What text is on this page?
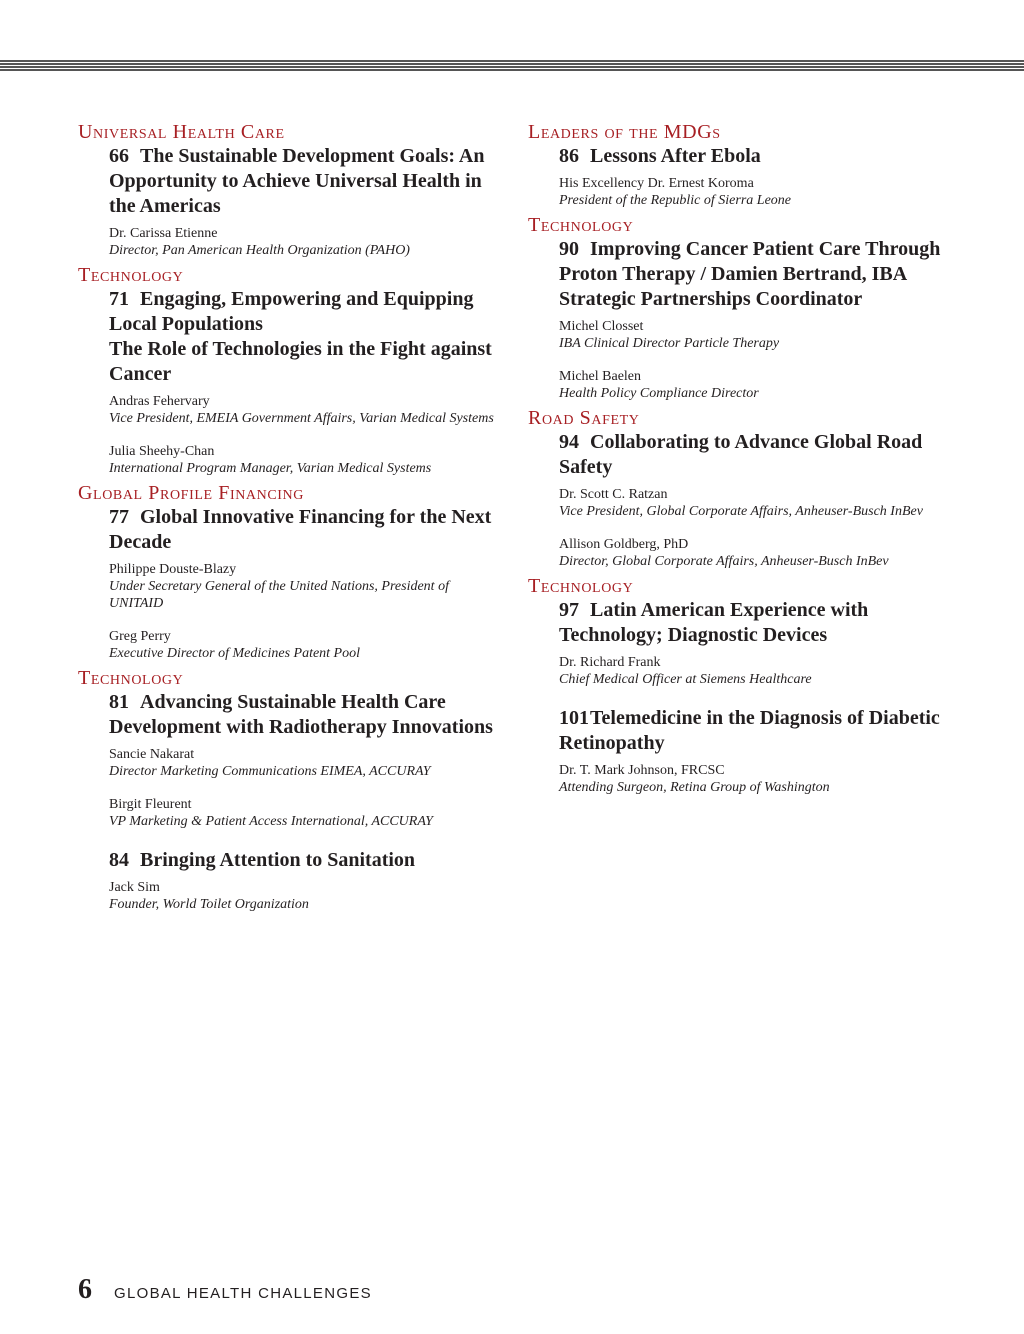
Universal Health Care
66 The Sustainable Development Goals: An Opportunity to Achieve Universal Health in the Americas
Dr. Carissa Etienne
Director, Pan American Health Organization (PAHO)
Technology
71 Engaging, Empowering and Equipping Local Populations
The Role of Technologies in the Fight against Cancer
Andras Fehervary
Vice President, EMEIA Government Affairs, Varian Medical Systems
Julia Sheehy-Chan
International Program Manager, Varian Medical Systems
Global Profile Financing
77 Global Innovative Financing for the Next Decade
Philippe Douste-Blazy
Under Secretary General of the United Nations, President of UNITAID
Greg Perry
Executive Director of Medicines Patent Pool
Technology
81 Advancing Sustainable Health Care Development with Radiotherapy Innovations
Sancie Nakarat
Director Marketing Communications EIMEA, ACCURAY
Birgit Fleurent
VP Marketing & Patient Access International, ACCURAY
84 Bringing Attention to Sanitation
Jack Sim
Founder, World Toilet Organization
Leaders of the MDGs
86 Lessons After Ebola
His Excellency Dr. Ernest Koroma
President of the Republic of Sierra Leone
Technology
90 Improving Cancer Patient Care Through Proton Therapy / Damien Bertrand, IBA Strategic Partnerships Coordinator
Michel Closset
IBA Clinical Director Particle Therapy
Michel Baelen
Health Policy Compliance Director
Road Safety
94 Collaborating to Advance Global Road Safety
Dr. Scott C. Ratzan
Vice President, Global Corporate Affairs, Anheuser-Busch InBev
Allison Goldberg, PhD
Director, Global Corporate Affairs, Anheuser-Busch InBev
Technology
97 Latin American Experience with Technology; Diagnostic Devices
Dr. Richard Frank
Chief Medical Officer at Siemens Healthcare
101Telemedicine in the Diagnosis of Diabetic Retinopathy
Dr. T. Mark Johnson, FRCSC
Attending Surgeon, Retina Group of Washington
6 GLOBAL HEALTH CHALLENGES
